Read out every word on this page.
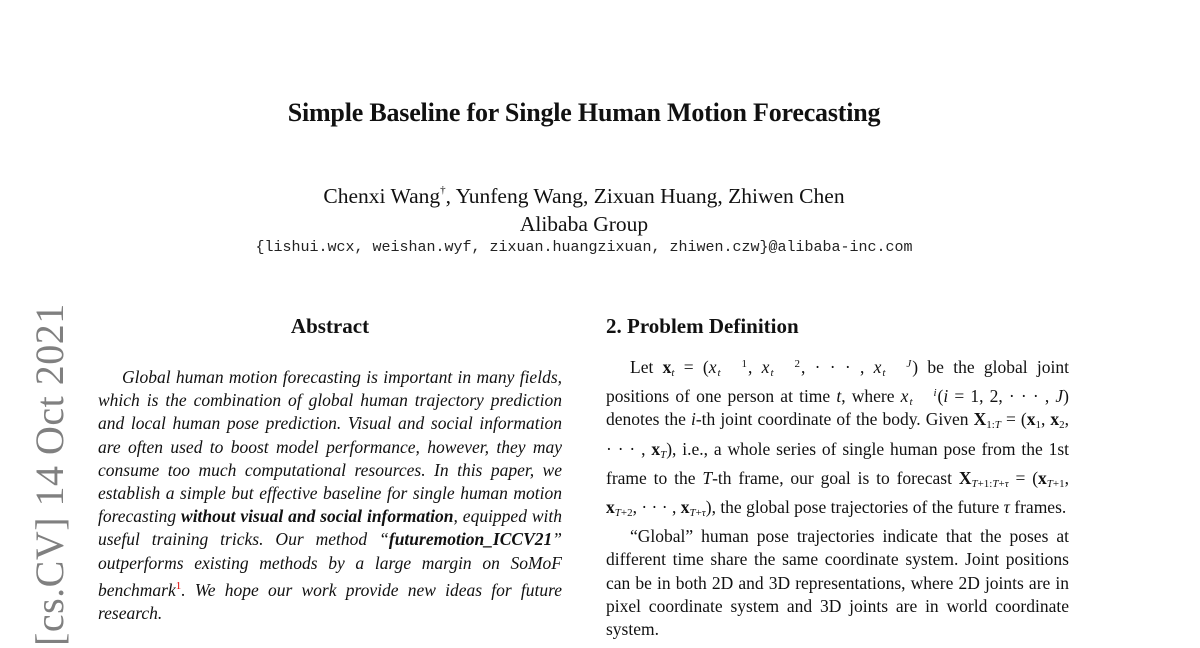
Simple Baseline for Single Human Motion Forecasting
Chenxi Wang†, Yunfeng Wang, Zixuan Huang, Zhiwen Chen
Alibaba Group
{lishui.wcx, weishan.wyf, zixuan.huangzixuan, zhiwen.czw}@alibaba-inc.com
[cs.CV] 14 Oct 2021	Abstract
Global human motion forecasting is important in many fields, which is the combination of global human trajectory prediction and local human pose prediction. Visual and social information are often used to boost model performance, however, they may consume too much computational resources. In this paper, we establish a simple but effective baseline for single human motion forecasting without visual and social information, equipped with useful training tricks. Our method “futuremotion_ICCV21” outperforms existing methods by a large margin on SoMoF benchmark$^1$. We hope our work provide new ideas for future research.
2. Problem Definition

Let $x_t = (x$ 1
t , x 2
t , · · · , x J
t ) be the global joint positions of one person at time t, where x i
t (i = 1, 2, · · · , J) denotes the i-th joint coordinate of the body. Given $X_{1:T} = (x_1$, $x_2$, · · · , $x_T$), i.e., a whole series of single human pose from the 1st frame to the T-th frame, our goal is to forecast $X_{T+1:T+\tau} = (x_{T+1}$, $x_{T+2}$, · · · , $x_{T+\tau}$), the global pose trajectories of the future τ frames.

“Global” human pose trajectories indicate that the poses at different time share the same coordinate system. Joint positions can be in both 2D and 3D representations, where 2D joints are in pixel coordinate system and 3D joints are in world coordinate system.
